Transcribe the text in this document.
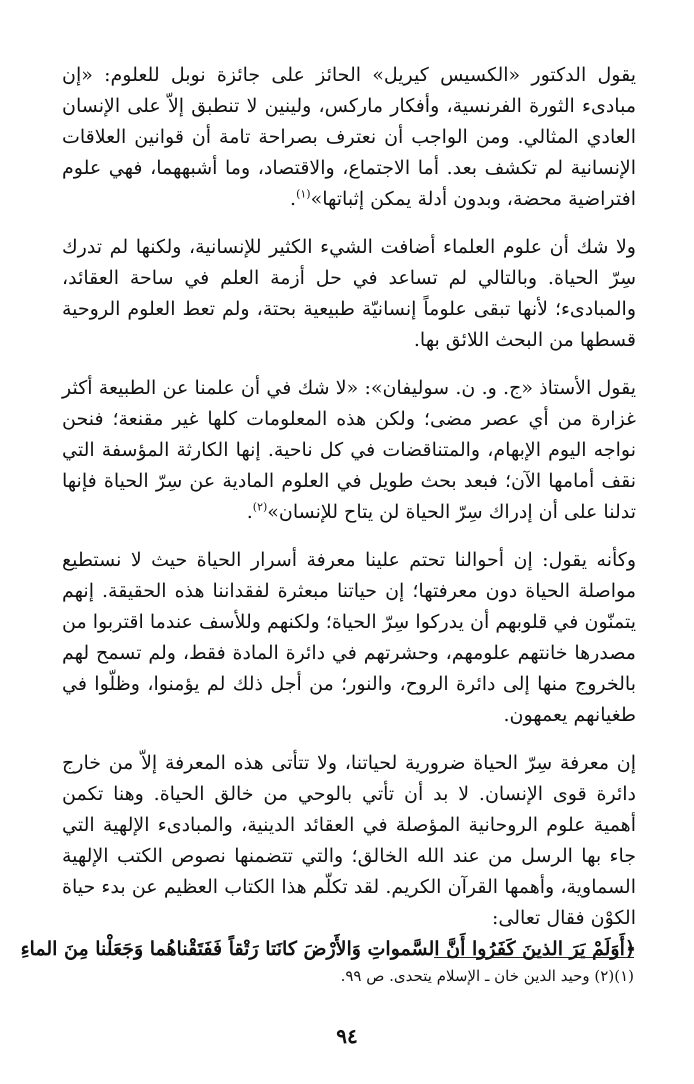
يقول الدكتور «الكسيس كيريل» الحائز على جائزة نوبل للعلوم: «إن مبادىء الثورة الفرنسية، وأفكار ماركس، ولينين لا تنطبق إلاّ على الإنسان العادي المثالي. ومن الواجب أن نعترف بصراحة تامة أن قوانين العلاقات الإنسانية لم تكشف بعد. أما الاجتماع، والاقتصاد، وما أشبههما، فهي علوم افتراضية محضة، وبدون أدلة يمكن إثباتها»$^{(١)}$.

ولا شك أن علوم العلماء أضافت الشيء الكثير للإنسانية، ولكنها لم تدرك سِرّ الحياة. وبالتالي لم تساعد في حل أزمة العلم في ساحة العقائد، والمبادىء؛ لأنها تبقى علوماً إنسانيّة طبيعية بحتة، ولم تعط العلوم الروحية قسطها من البحث اللائق بها.

يقول الأستاذ «ج. و. ن. سوليفان»: «لا شك في أن علمنا عن الطبيعة أكثر غزارة من أي عصر مضى؛ ولكن هذه المعلومات كلها غير مقنعة؛ فنحن نواجه اليوم الإبهام، والمتناقضات في كل ناحية. إنها الكارثة المؤسفة التي نقف أمامها الآن؛ فبعد بحث طويل في العلوم المادية عن سِرّ الحياة فإنها تدلنا على أن إدراك سِرّ الحياة لن يتاح للإنسان»$^{(٢)}$.

وكأنه يقول: إن أحوالنا تحتم علينا معرفة أسرار الحياة حيث لا نستطيع مواصلة الحياة دون معرفتها؛ إن حياتنا مبعثرة لفقداننا هذه الحقيقة. إنهم يتمنّون في قلوبهم أن يدركوا سِرّ الحياة؛ ولكنهم وللأسف عندما اقتربوا من مصدرها خانتهم علومهم، وحشرتهم في دائرة المادة فقط، ولم تسمح لهم بالخروج منها إلى دائرة الروح، والنور؛ من أجل ذلك لم يؤمنوا، وظلّوا في طغيانهم يعمهون.

إن معرفة سِرّ الحياة ضرورية لحياتنا، ولا تتأتى هذه المعرفة إلاّ من خارج دائرة قوى الإنسان. لا بد أن تأتي بالوحي من خالق الحياة. وهنا تكمن أهمية علوم الروحانية المؤصلة في العقائد الدينية، والمبادىء الإلهية التي جاء بها الرسل من عند الله الخالق؛ والتي تتضمنها نصوص الكتب الإلهية السماوية، وأهمها القرآن الكريم. لقد تكلّم هذا الكتاب العظيم عن بدء حياة الكوْن فقال تعالى:
﴿أَوَلَمْ يَرَ الذينَ كَفَرُوا أَنَّ السَّمواتِ وَالأَرْضَ كانَتا رَتْقاً فَفَتَقْناهُما وَجَعَلْنا مِنَ الماءِ

(١)(٢) وحيد الدين خان ـ الإسلام يتحدى. ص ٩٩.
٩٤
